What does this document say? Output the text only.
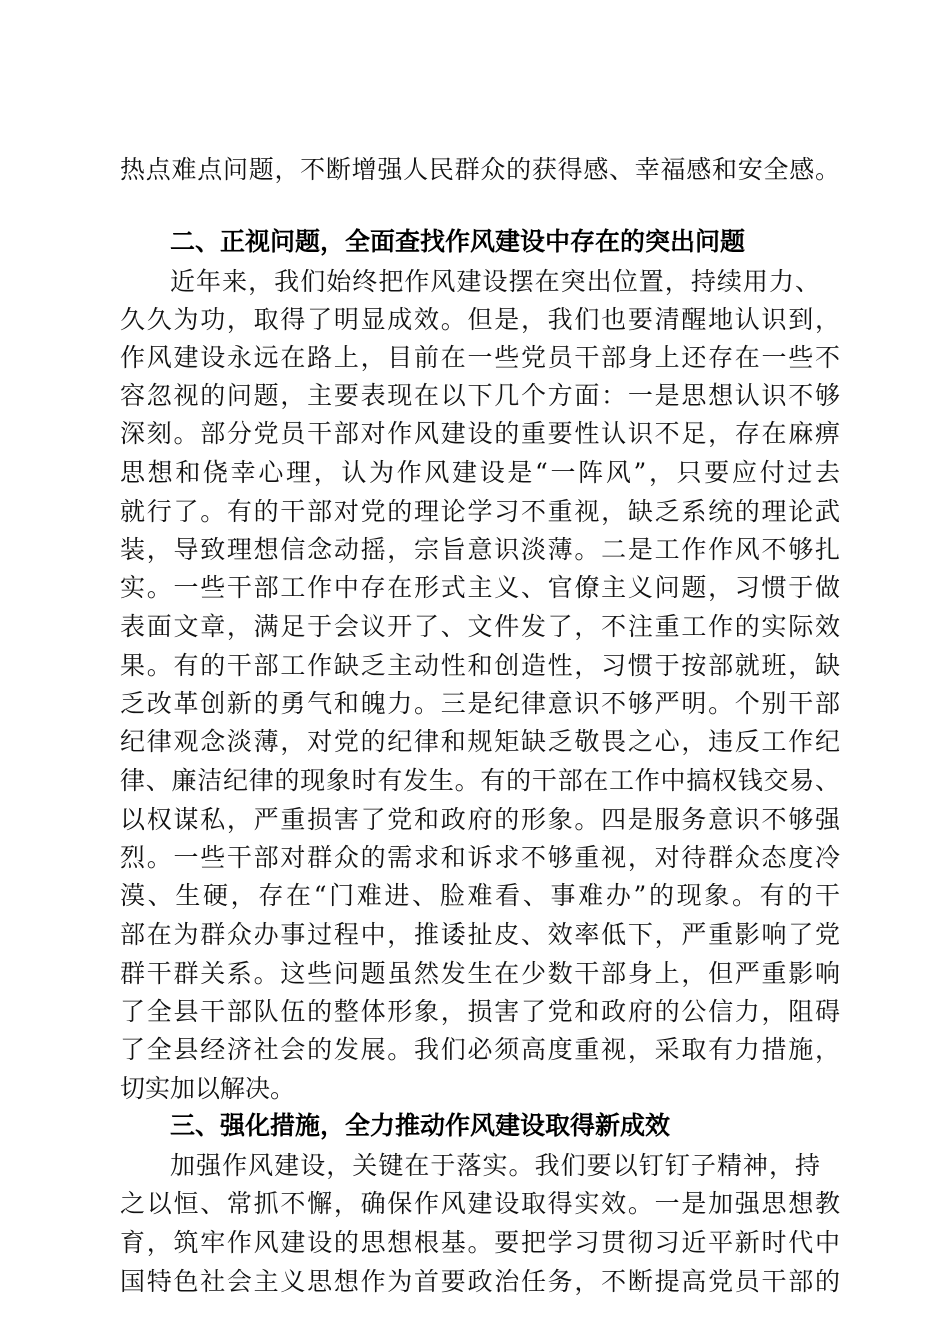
热点难点问题，不断增强人民群众的获得感、幸福感和安全感。
二、正视问题，全面查找作风建设中存在的突出问题
近年来，我们始终把作风建设摆在突出位置，持续用力、
久久为功，取得了明显成效。但是，我们也要清醒地认识到，
作风建设永远在路上，目前在一些党员干部身上还存在一些不
容忽视的问题，主要表现在以下几个方面：一是思想认识不够
深刻。部分党员干部对作风建设的重要性认识不足，存在麻痹
思想和侥幸心理，认为作风建设是“一阵风”，只要应付过去
就行了。有的干部对党的理论学习不重视，缺乏系统的理论武
装，导致理想信念动摇，宗旨意识淡薄。二是工作作风不够扎
实。一些干部工作中存在形式主义、官僚主义问题，习惯于做
表面文章，满足于会议开了、文件发了，不注重工作的实际效
果。有的干部工作缺乏主动性和创造性，习惯于按部就班，缺
乏改革创新的勇气和魄力。三是纪律意识不够严明。个别干部
纪律观念淡薄，对党的纪律和规矩缺乏敬畏之心，违反工作纪
律、廉洁纪律的现象时有发生。有的干部在工作中搞权钱交易、
以权谋私，严重损害了党和政府的形象。四是服务意识不够强
烈。一些干部对群众的需求和诉求不够重视，对待群众态度冷
漠、生硬，存在“门难进、脸难看、事难办”的现象。有的干
部在为群众办事过程中，推诿扯皮、效率低下，严重影响了党
群干群关系。这些问题虽然发生在少数干部身上，但严重影响
了全县干部队伍的整体形象，损害了党和政府的公信力，阻碍
了全县经济社会的发展。我们必须高度重视，采取有力措施，
切实加以解决。
三、强化措施，全力推动作风建设取得新成效
加强作风建设，关键在于落实。我们要以钉钉子精神，持
之以恒、常抓不懈，确保作风建设取得实效。一是加强思想教
育，筑牢作风建设的思想根基。要把学习贯彻习近平新时代中
国特色社会主义思想作为首要政治任务，不断提高党员干部的
